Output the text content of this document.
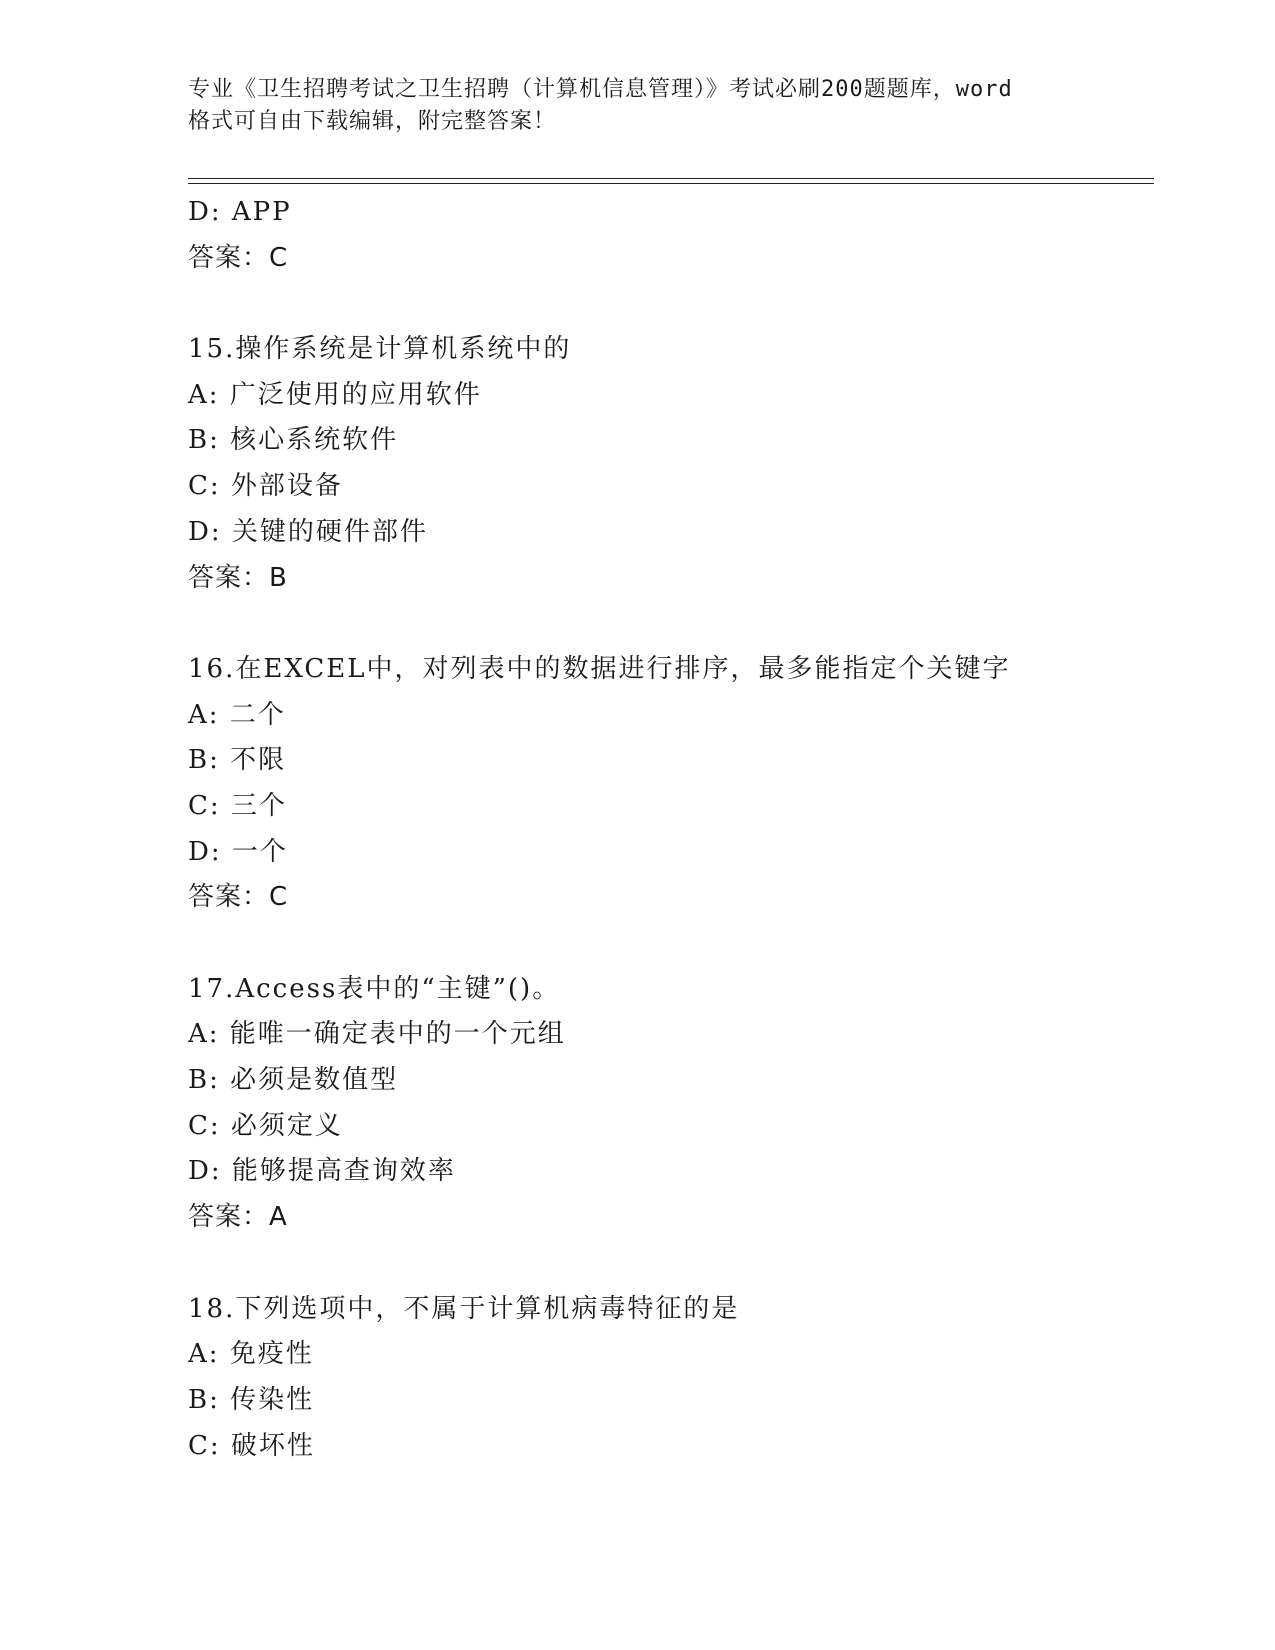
专业《卫生招聘考试之卫生招聘（计算机信息管理）》考试必刷200题题库，word
格式可自由下载编辑，附完整答案！
D: APP
答案：C
15.操作系统是计算机系统中的
A: 广泛使用的应用软件
B: 核心系统软件
C: 外部设备
D: 关键的硬件部件
答案：B
16.在EXCEL中，对列表中的数据进行排序，最多能指定个关键字
A: 二个
B: 不限
C: 三个
D: 一个
答案：C
17.Access表中的“主键”()。
A: 能唯一确定表中的一个元组
B: 必须是数值型
C: 必须定义
D: 能够提高查询效率
答案：A
18.下列选项中，不属于计算机病毒特征的是
A: 免疫性
B: 传染性
C: 破坏性
